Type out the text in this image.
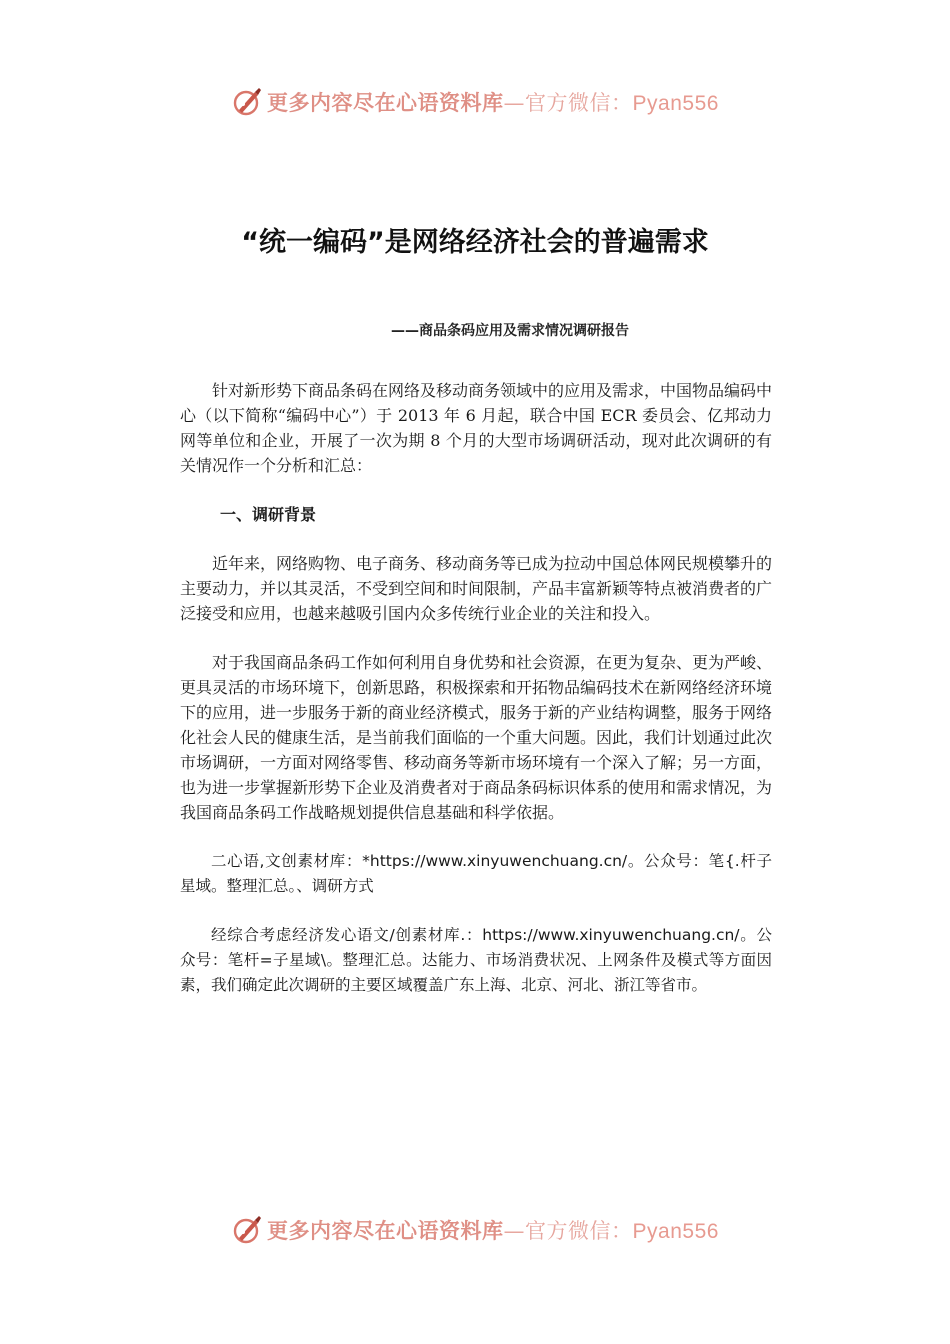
更多内容尽在心语资料库—官方微信：Pyan556
“统一编码”是网络经济社会的普遍需求
——商品条码应用及需求情况调研报告

针对新形势下商品条码在网络及移动商务领域中的应用及需求，中国物品编码中心（以下简称“编码中心”）于 2013 年 6 月起，联合中国 ECR 委员会、亿邦动力网等单位和企业，开展了一次为期 8 个月的大型市场调研活动，现对此次调研的有关情况作一个分析和汇总：

一、调研背景

近年来，网络购物、电子商务、移动商务等已成为拉动中国总体网民规模攀升的主要动力，并以其灵活，不受到空间和时间限制，产品丰富新颖等特点被消费者的广泛接受和应用，也越来越吸引国内众多传统行业企业的关注和投入。

对于我国商品条码工作如何利用自身优势和社会资源，在更为复杂、更为严峻、更具灵活的市场环境下，创新思路，积极探索和开拓物品编码技术在新网络经济环境下的应用，进一步服务于新的商业经济模式，服务于新的产业结构调整，服务于网络化社会人民的健康生活，是当前我们面临的一个重大问题。因此，我们计划通过此次市场调研，一方面对网络零售、移动商务等新市场环境有一个深入了解；另一方面，也为进一步掌握新形势下企业及消费者对于商品条码标识体系的使用和需求情况，为我国商品条码工作战略规划提供信息基础和科学依据。

二心语,文创素材库：*https://www.xinyuwenchuang.cn/。公众号：笔{.杆子星域。整理汇总。、调研方式

经综合考虑经济发心语文/创素材库.：https://www.xinyuwenchuang.cn/。公众号：笔杆=子星域\。整理汇总。达能力、市场消费状况、上网条件及模式等方面因素，我们确定此次调研的主要区域覆盖广东上海、北京、河北、浙江等省市。

更多内容尽在心语资料库—官方微信：Pyan556
